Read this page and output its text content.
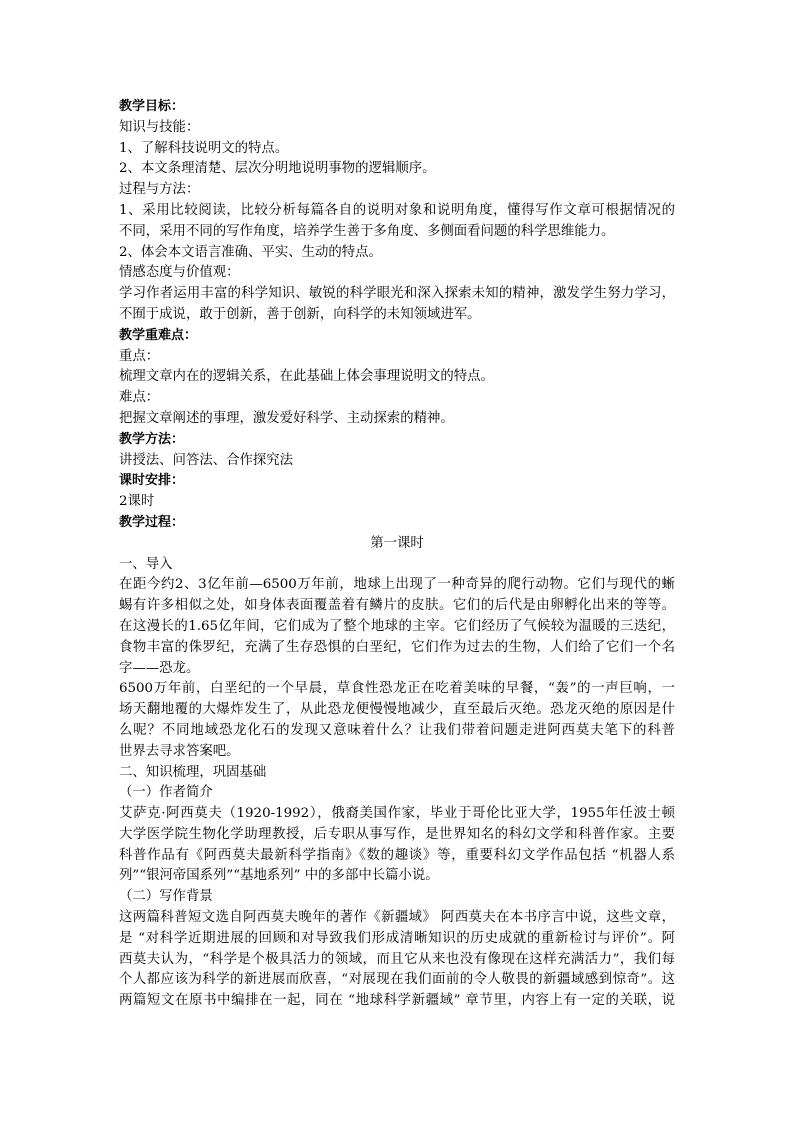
教学目标：
知识与技能：
1、了解科技说明文的特点。
2、本文条理清楚、层次分明地说明事物的逻辑顺序。
过程与方法：
1、采用比较阅读，比较分析每篇各自的说明对象和说明角度，懂得写作文章可根据情况的
不同，采用不同的写作角度，培养学生善于多角度、多侧面看问题的科学思维能力。
2、体会本文语言准确、平实、生动的特点。
情感态度与价值观：
学习作者运用丰富的科学知识、敏锐的科学眼光和深入探索未知的精神，激发学生努力学习，
不囿于成说，敢于创新，善于创新，向科学的未知领域进军。
教学重难点：
重点：
梳理文章内在的逻辑关系，在此基础上体会事理说明文的特点。
难点：
把握文章阐述的事理，激发爱好科学、主动探索的精神。
教学方法：
讲授法、问答法、合作探究法
课时安排：
2课时
教学过程：
第一课时
一、导入
在距今约2、3亿年前—6500万年前，地球上出现了一种奇异的爬行动物。它们与现代的蜥
蜴有许多相似之处，如身体表面覆盖着有鳞片的皮肤。它们的后代是由卵孵化出来的等等。
在这漫长的1.65亿年间，它们成为了整个地球的主宰。它们经历了气候较为温暖的三迭纪，
食物丰富的侏罗纪，充满了生存恐惧的白垩纪，它们作为过去的生物，人们给了它们一个名
字——恐龙。
6500万年前，白垩纪的一个早晨，草食性恐龙正在吃着美味的早餐，“轰”的一声巨响，一
场天翻地覆的大爆炸发生了，从此恐龙便慢慢地减少，直至最后灭绝。恐龙灭绝的原因是什
么呢？不同地域恐龙化石的发现又意味着什么？让我们带着问题走进阿西莫夫笔下的科普
世界去寻求答案吧。
二、知识梳理，巩固基础
（一）作者简介
艾萨克·阿西莫夫（1920-1992），俄裔美国作家，毕业于哥伦比亚大学，1955年任波士顿
大学医学院生物化学助理教授，后专职从事写作，是世界知名的科幻文学和科普作家。主要
科普作品有《阿西莫夫最新科学指南》《数的趣谈》等，重要科幻文学作品包括 “机器人系
列”“银河帝国系列”“基地系列” 中的多部中长篇小说。
（二）写作背景
这两篇科普短文选自阿西莫夫晚年的著作《新疆域》 阿西莫夫在本书序言中说，这些文章，
是 “对科学近期进展的回顾和对导致我们形成清晰知识的历史成就的重新检讨与评价”。阿
西莫夫认为，“科学是个极具活力的领域，而且它从来也没有像现在这样充满活力”，我们每
个人都应该为科学的新进展而欣喜，“对展现在我们面前的令人敬畏的新疆域感到惊奇”。这
两篇短文在原书中编排在一起，同在 “地球科学新疆域” 章节里，内容上有一定的关联，说
